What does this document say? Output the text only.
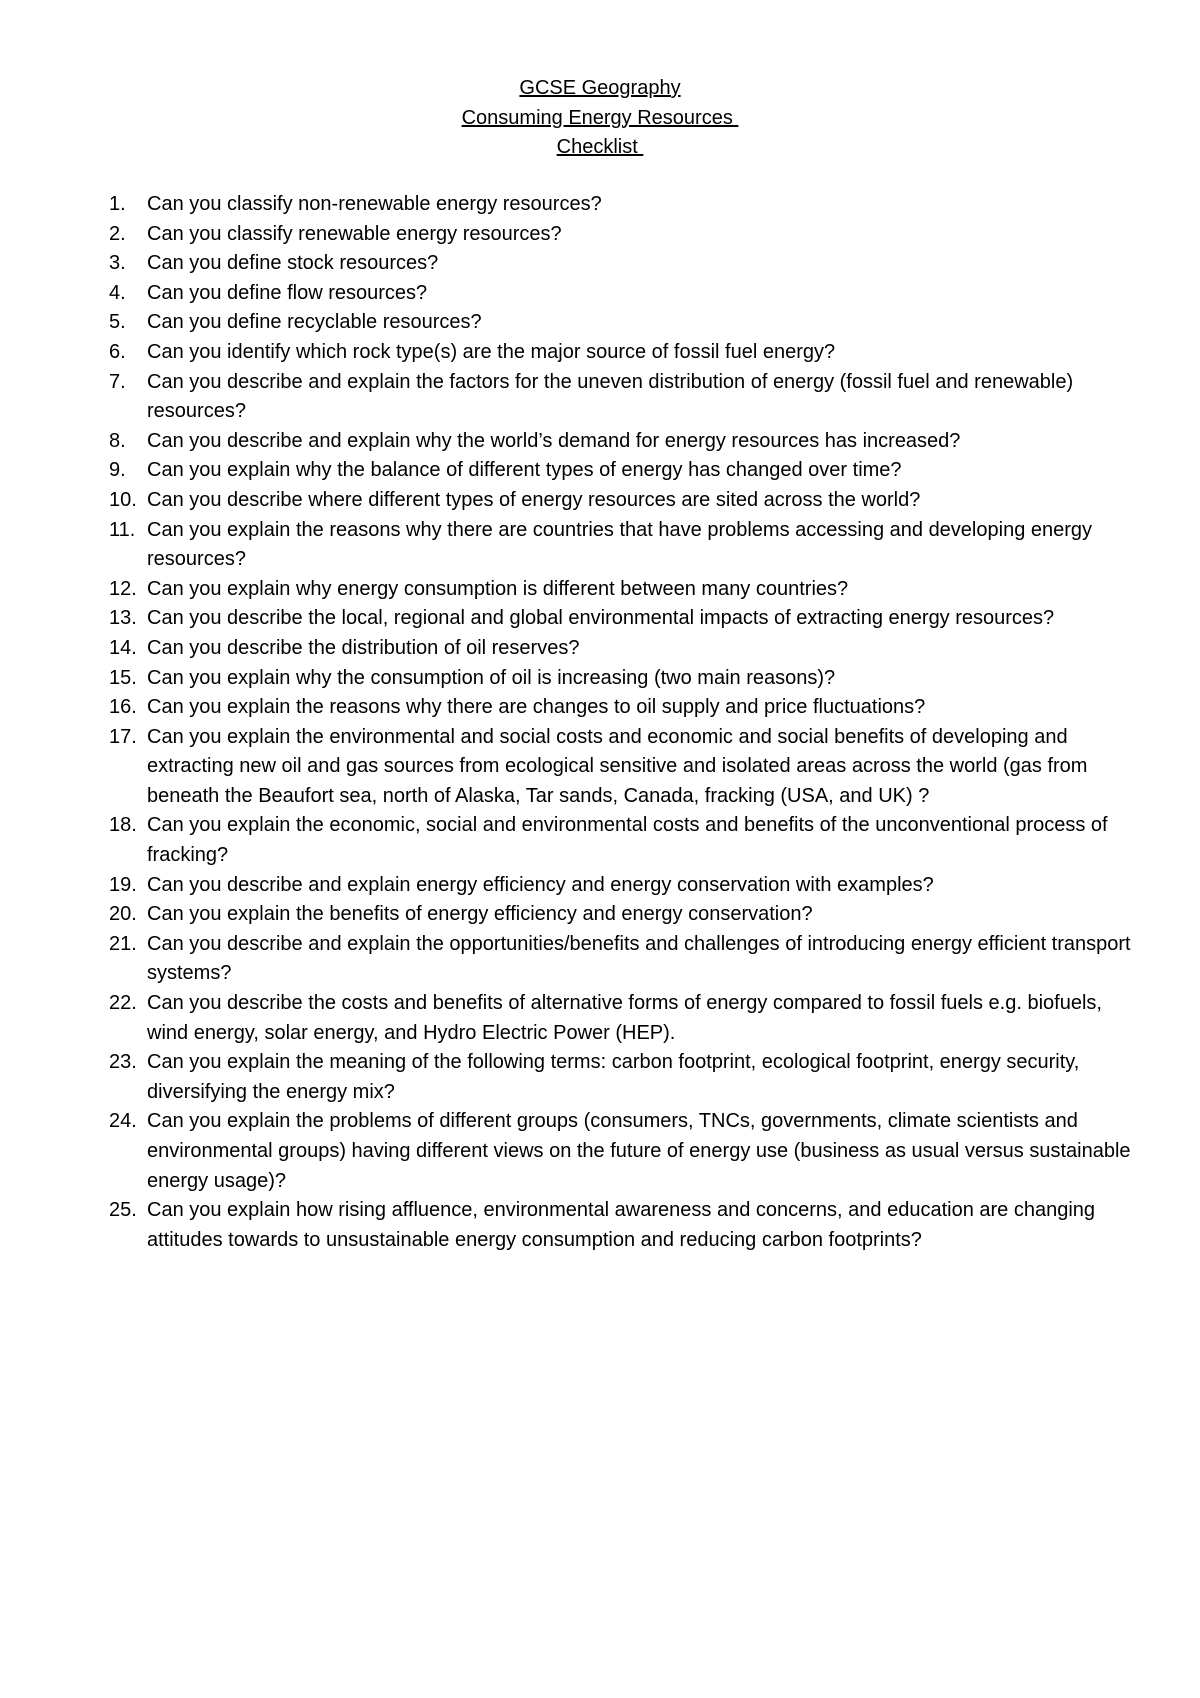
GCSE Geography
Consuming Energy Resources
Checklist
1. Can you classify non-renewable energy resources?
2. Can you classify renewable energy resources?
3. Can you define stock resources?
4. Can you define flow resources?
5. Can you define recyclable resources?
6. Can you identify which rock type(s) are the major source of fossil fuel energy?
7. Can you describe and explain the factors for the uneven distribution of energy (fossil fuel and renewable) resources?
8. Can you describe and explain why the world’s demand for energy resources has increased?
9. Can you explain why the balance of different types of energy has changed over time?
10. Can you describe where different types of energy resources are sited across the world?
11. Can you explain the reasons why there are countries that have problems accessing and developing energy resources?
12. Can you explain why energy consumption is different between many countries?
13. Can you describe the local, regional and global environmental impacts of extracting energy resources?
14. Can you describe the distribution of oil reserves?
15. Can you explain why the consumption of oil is increasing (two main reasons)?
16. Can you explain the reasons why there are changes to oil supply and price fluctuations?
17. Can you explain the environmental and social costs and economic and social benefits of developing and extracting new oil and gas sources from ecological sensitive and isolated areas across the world (gas from beneath the Beaufort sea, north of Alaska, Tar sands, Canada, fracking (USA, and UK) ?
18. Can you explain the economic, social and environmental costs and benefits of the unconventional process of fracking?
19. Can you describe and explain energy efficiency and energy conservation with examples?
20. Can you explain the benefits of energy efficiency and energy conservation?
21. Can you describe and explain the opportunities/benefits and challenges of introducing energy efficient transport systems?
22. Can you describe the costs and benefits of alternative forms of energy compared to fossil fuels e.g. biofuels, wind energy, solar energy, and Hydro Electric Power (HEP).
23. Can you explain the meaning of the following terms: carbon footprint, ecological footprint, energy security, diversifying the energy mix?
24. Can you explain the problems of different groups (consumers, TNCs, governments, climate scientists and environmental groups) having different views on the future of energy use (business as usual versus sustainable energy usage)?
25. Can you explain how rising affluence, environmental awareness and concerns, and education are changing attitudes towards to unsustainable energy consumption and reducing carbon footprints?
